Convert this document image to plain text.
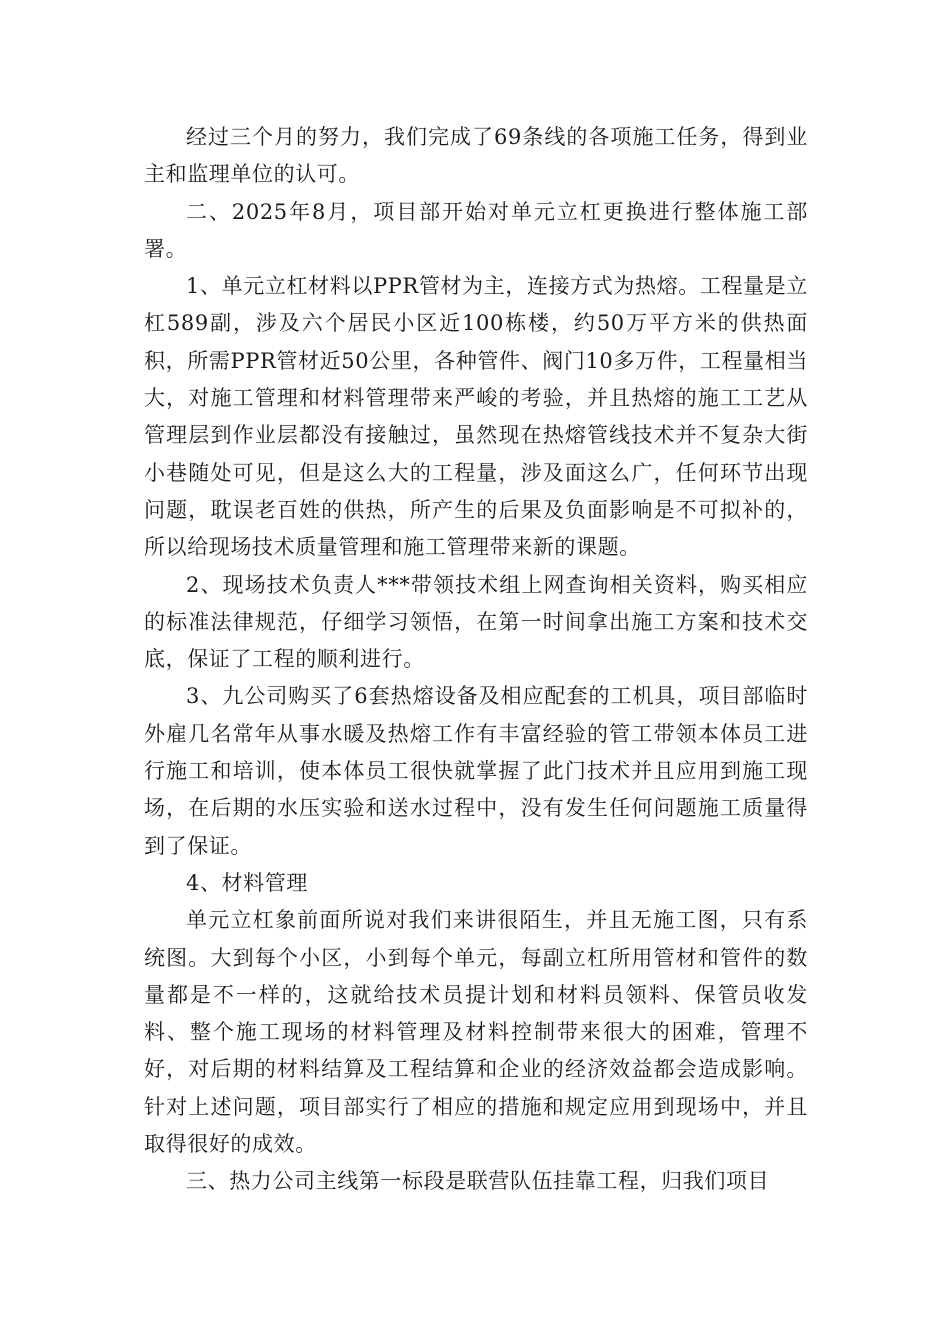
经过三个月的努力，我们完成了69条线的各项施工任务，得到业主和监理单位的认可。

二、2025年8月，项目部开始对单元立杠更换进行整体施工部署。

1、单元立杠材料以PPR管材为主，连接方式为热熔。工程量是立杠589副，涉及六个居民小区近100栋楼，约50万平方米的供热面积，所需PPR管材近50公里，各种管件、阀门10多万件，工程量相当大，对施工管理和材料管理带来严峻的考验，并且热熔的施工工艺从管理层到作业层都没有接触过，虽然现在热熔管线技术并不复杂大街小巷随处可见，但是这么大的工程量，涉及面这么广，任何环节出现问题，耽误老百姓的供热，所产生的后果及负面影响是不可拟补的，所以给现场技术质量管理和施工管理带来新的课题。

2、现场技术负责人***带领技术组上网查询相关资料，购买相应的标准法律规范，仔细学习领悟，在第一时间拿出施工方案和技术交底，保证了工程的顺利进行。

3、九公司购买了6套热熔设备及相应配套的工机具，项目部临时外雇几名常年从事水暖及热熔工作有丰富经验的管工带领本体员工进行施工和培训，使本体员工很快就掌握了此门技术并且应用到施工现场，在后期的水压实验和送水过程中，没有发生任何问题施工质量得到了保证。

4、材料管理

单元立杠象前面所说对我们来讲很陌生，并且无施工图，只有系统图。大到每个小区，小到每个单元，每副立杠所用管材和管件的数量都是不一样的，这就给技术员提计划和材料员领料、保管员收发料、整个施工现场的材料管理及材料控制带来很大的困难，管理不好，对后期的材料结算及工程结算和企业的经济效益都会造成影响。针对上述问题，项目部实行了相应的措施和规定应用到现场中，并且取得很好的成效。

三、热力公司主线第一标段是联营队伍挂靠工程，归我们项目
